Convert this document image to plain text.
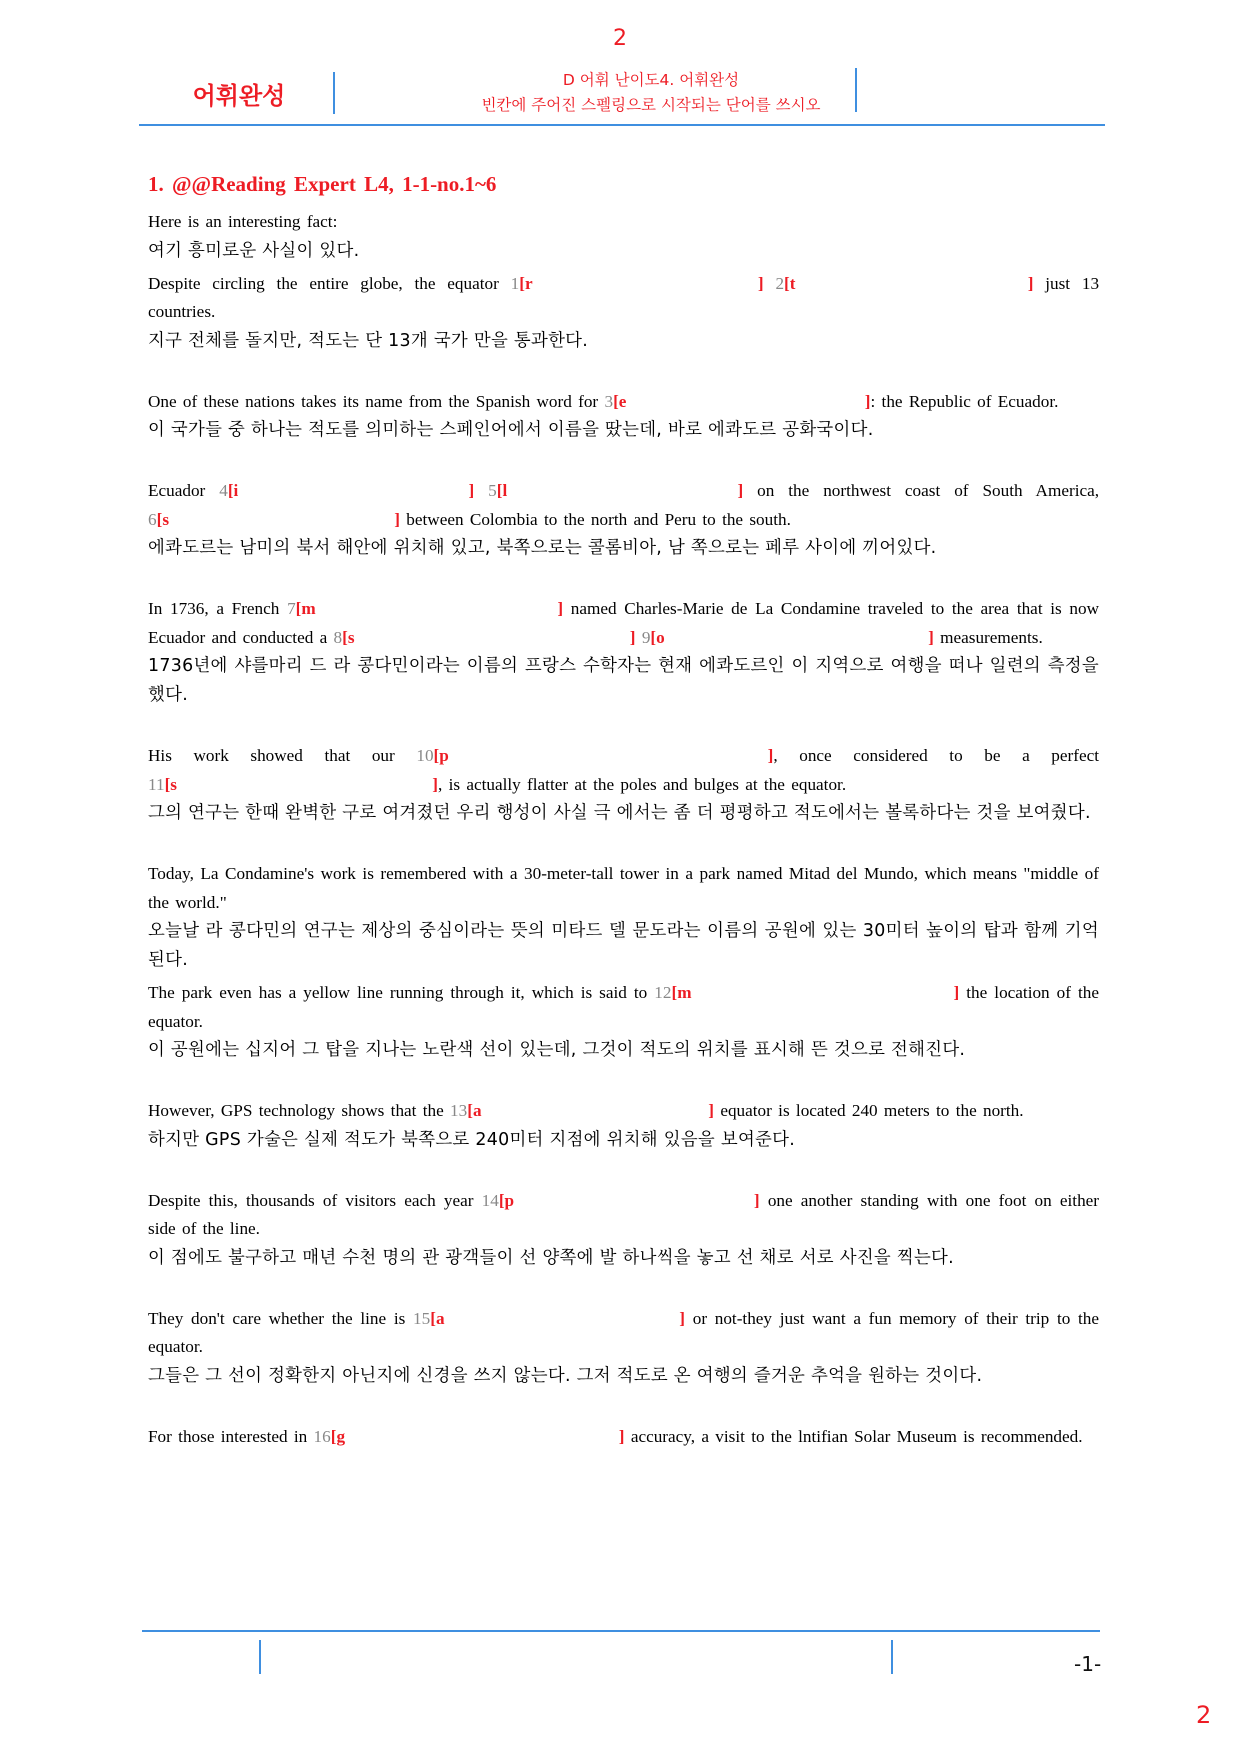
2
어휘완성
D 어휘 난이도4. 어휘완성
빈칸에 주어진 스펠링으로 시작되는 단어를 쓰시오
1. @@Reading Expert L4, 1-1-no.1~6
Here is an interesting fact:
여기 흥미로운 사실이 있다.
Despite circling the entire globe, the equator 1[r	] 2[t	] just 13 countries.
지구 전체를 돌지만, 적도는 단 13개 국가 만을 통과한다.
One of these nations takes its name from the Spanish word for 3[e	] : the Republic of Ecuador.
이 국가들 중 하나는 적도를 의미하는 스페인어에서 이름을 땄는데, 바로 에콰도르 공화국이다.
Ecuador 4[i	] 5[l	] on the northwest coast of South America, 6[s	] between Colombia to the north and Peru to the south.
에콰도르는 남미의 북서 해안에 위치해 있고, 북쪽으로는 콜롬비아, 남 쪽으로는 페루 사이에 끼어있다.
In 1736, a French 7[m	] named Charles-Marie de La Condamine traveled to the area that is now Ecuador and conducted a 8[s	] 9[o	] measurements.
1736년에 샤를마리 드 라 콩다민이라는 이름의 프랑스 수학자는 현재 에콰도르인 이 지역으로 여행을 떠나 일련의 측정을 했다.
His work showed that our 10[p	] , once considered to be a perfect 11[s	] , is actually flatter at the poles and bulges at the equator.
그의 연구는 한때 완벽한 구로 여겨졌던 우리 행성이 사실 극 에서는 좀 더 평평하고 적도에서는 볼록하다는 것을 보여줬다.
Today, La Condamine's work is remembered with a 30-meter-tall tower in a park named Mitad del Mundo, which means "middle of the world."
오늘날 라 콩다민의 연구는 제상의 중심이라는 뜻의 미타드 델 문도라는 이름의 공원에 있는 30미터 높이의 탑과 함께 기억된다.
The park even has a yellow line running through it, which is said to 12[m	] the location of the equator.
이 공원에는 십지어 그 탑을 지나는 노란색 선이 있는데, 그것이 적도의 위치를 표시해 뜬 것으로 전해진다.
However, GPS technology shows that the 13[a	] equator is located 240 meters to the north.
하지만 GPS 가술은 실제 적도가 북쪽으로 240미터 지점에 위치해 있음을 보여준다.
Despite this, thousands of visitors each year 14[p	] one another standing with one foot on either side of the line.
이 점에도 불구하고 매년 수천 명의 관 광객들이 선 양쪽에 발 하나씩을 놓고 선 채로 서로 사진을 찍는다.
They don't care whether the line is 15[a	] or not-they just want a fun memory of their trip to the equator.
그들은 그 선이 정확한지 아닌지에 신경을 쓰지 않는다. 그저 적도로 온 여행의 즐거운 추억을 원하는 것이다.
For those interested in 16[g	] accuracy, a visit to the lntifian Solar Museum is recommended.
-1-
2
